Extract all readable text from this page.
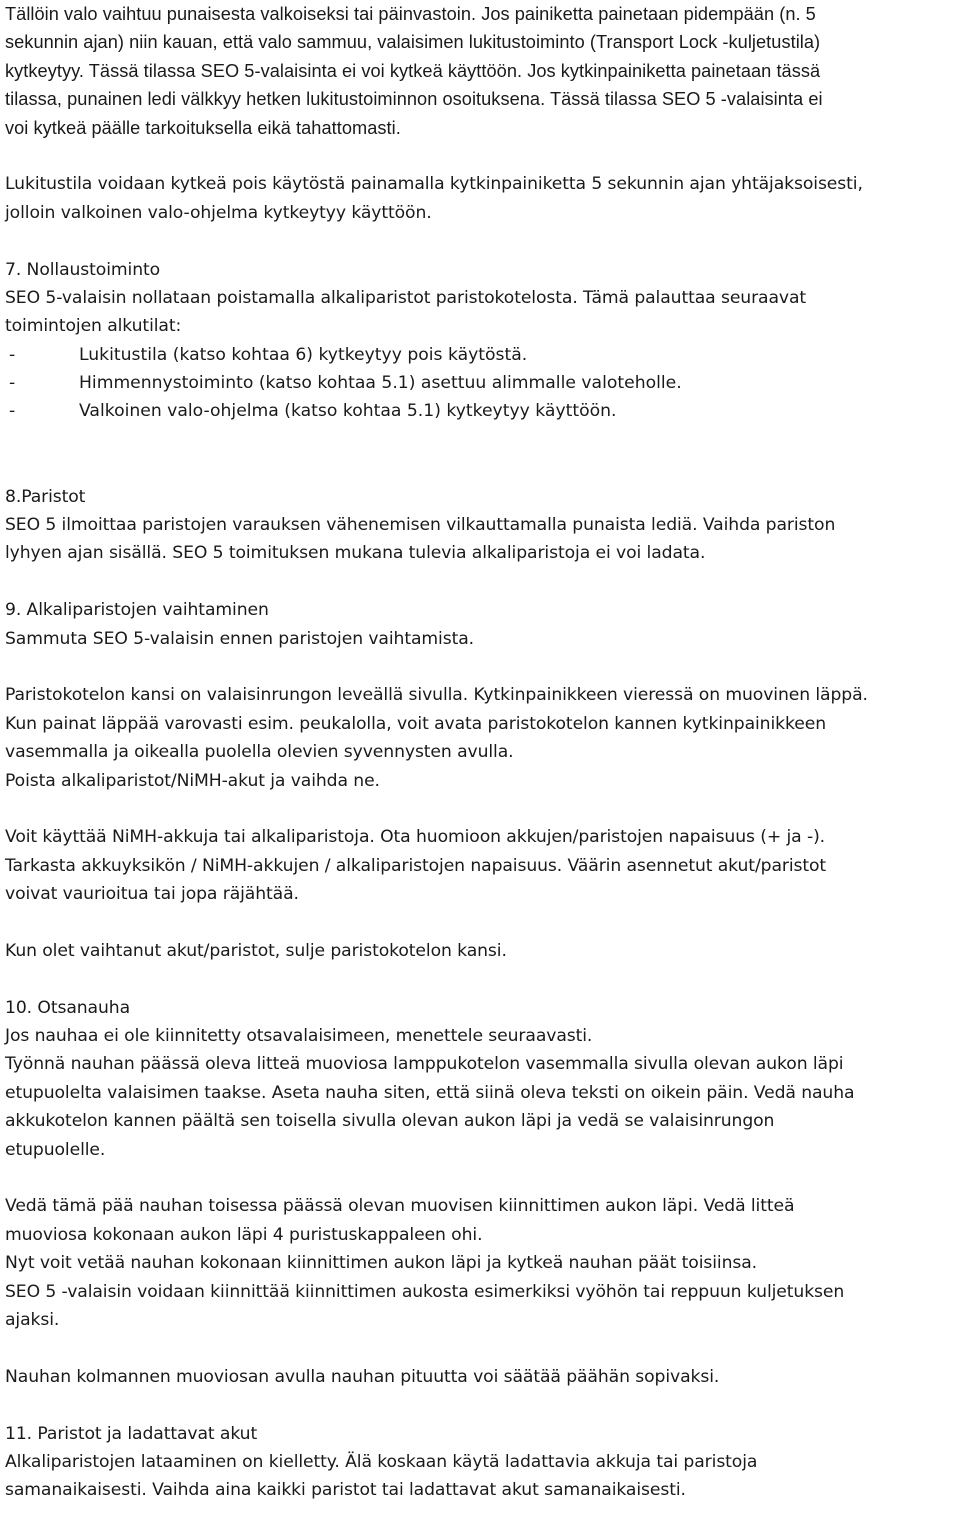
Tällöin valo vaihtuu punaisesta valkoiseksi tai päinvastoin. Jos painiketta painetaan pidempään (n. 5
sekunnin ajan) niin kauan, että valo sammuu, valaisimen lukitustoiminto (Transport Lock -kuljetustila)
kytkeytyy. Tässä tilassa SEO 5-valaisinta ei voi kytkeä käyttöön. Jos kytkinpainiketta painetaan tässä
tilassa, punainen ledi välkkyy hetken lukitustoiminnon osoituksena. Tässä tilassa SEO 5 -valaisinta ei
voi kytkeä päälle tarkoituksella eikä tahattomasti.
Lukitustila voidaan kytkeä pois käytöstä painamalla kytkinpainiketta 5 sekunnin ajan yhtäjaksoisesti,
jolloin valkoinen valo-ohjelma kytkeytyy käyttöön.
7. Nollaustoiminto
SEO 5-valaisin nollataan poistamalla alkaliparistot paristokotelosta. Tämä palauttaa seuraavat
toimintojen alkutilat:
-	Lukitustila (katso kohtaa 6) kytkeytyy pois käytöstä.
-	Himmennystoiminto (katso kohtaa 5.1) asettuu alimmalle valoteholle.
-	Valkoinen valo-ohjelma (katso kohtaa 5.1) kytkeytyy käyttöön.
8.Paristot
SEO 5 ilmoittaa paristojen varauksen vähenemisen vilkauttamalla punaista lediä. Vaihda pariston
lyhyen ajan sisällä. SEO 5 toimituksen mukana tulevia alkaliparistoja ei voi ladata.
9. Alkaliparistojen vaihtaminen
Sammuta SEO 5-valaisin ennen paristojen vaihtamista.
Paristokotelon kansi on valaisinrungon leveällä sivulla. Kytkinpainikkeen vieressä on muovinen läppä.
Kun painat läppää varovasti esim. peukalolla, voit avata paristokotelon kannen kytkinpainikkeen
vasemmalla ja oikealla puolella olevien syvennysten avulla.
Poista alkaliparistot/NiMH-akut ja vaihda ne.
Voit käyttää NiMH-akkuja tai alkaliparistoja. Ota huomioon akkujen/paristojen napaisuus (+ ja -).
Tarkasta akkuyksikön / NiMH-akkujen / alkaliparistojen napaisuus. Väärin asennetut akut/paristot
voivat vaurioitua tai jopa räjähtää.
Kun olet vaihtanut akut/paristot, sulje paristokotelon kansi.
10. Otsanauha
Jos nauhaa ei ole kiinnitetty otsavalaisimeen, menettele seuraavasti.
Työnnä nauhan päässä oleva litteä muoviosa lamppukotelon vasemmalla sivulla olevan aukon läpi
etupuolelta valaisimen taakse. Aseta nauha siten, että siinä oleva teksti on oikein päin. Vedä nauha
akkukotelon kannen päältä sen toisella sivulla olevan aukon läpi ja vedä se valaisinrungon
etupuolelle.
Vedä tämä pää nauhan toisessa päässä olevan muovisen kiinnittimen aukon läpi. Vedä litteä
muoviosa kokonaan aukon läpi 4 puristuskappaleen ohi.
Nyt voit vetää nauhan kokonaan kiinnittimen aukon läpi ja kytkeä nauhan päät toisiinsa.
SEO 5 -valaisin voidaan kiinnittää kiinnittimen aukosta esimerkiksi vyöhön tai reppuun kuljetuksen
ajaksi.
Nauhan kolmannen muoviosan avulla nauhan pituutta voi säätää päähän sopivaksi.
11. Paristot ja ladattavat akut
Alkaliparistojen lataaminen on kielletty. Älä koskaan käytä ladattavia akkuja tai paristoja
samanaikaisesti. Vaihda aina kaikki paristot tai ladattavat akut samanaikaisesti.
